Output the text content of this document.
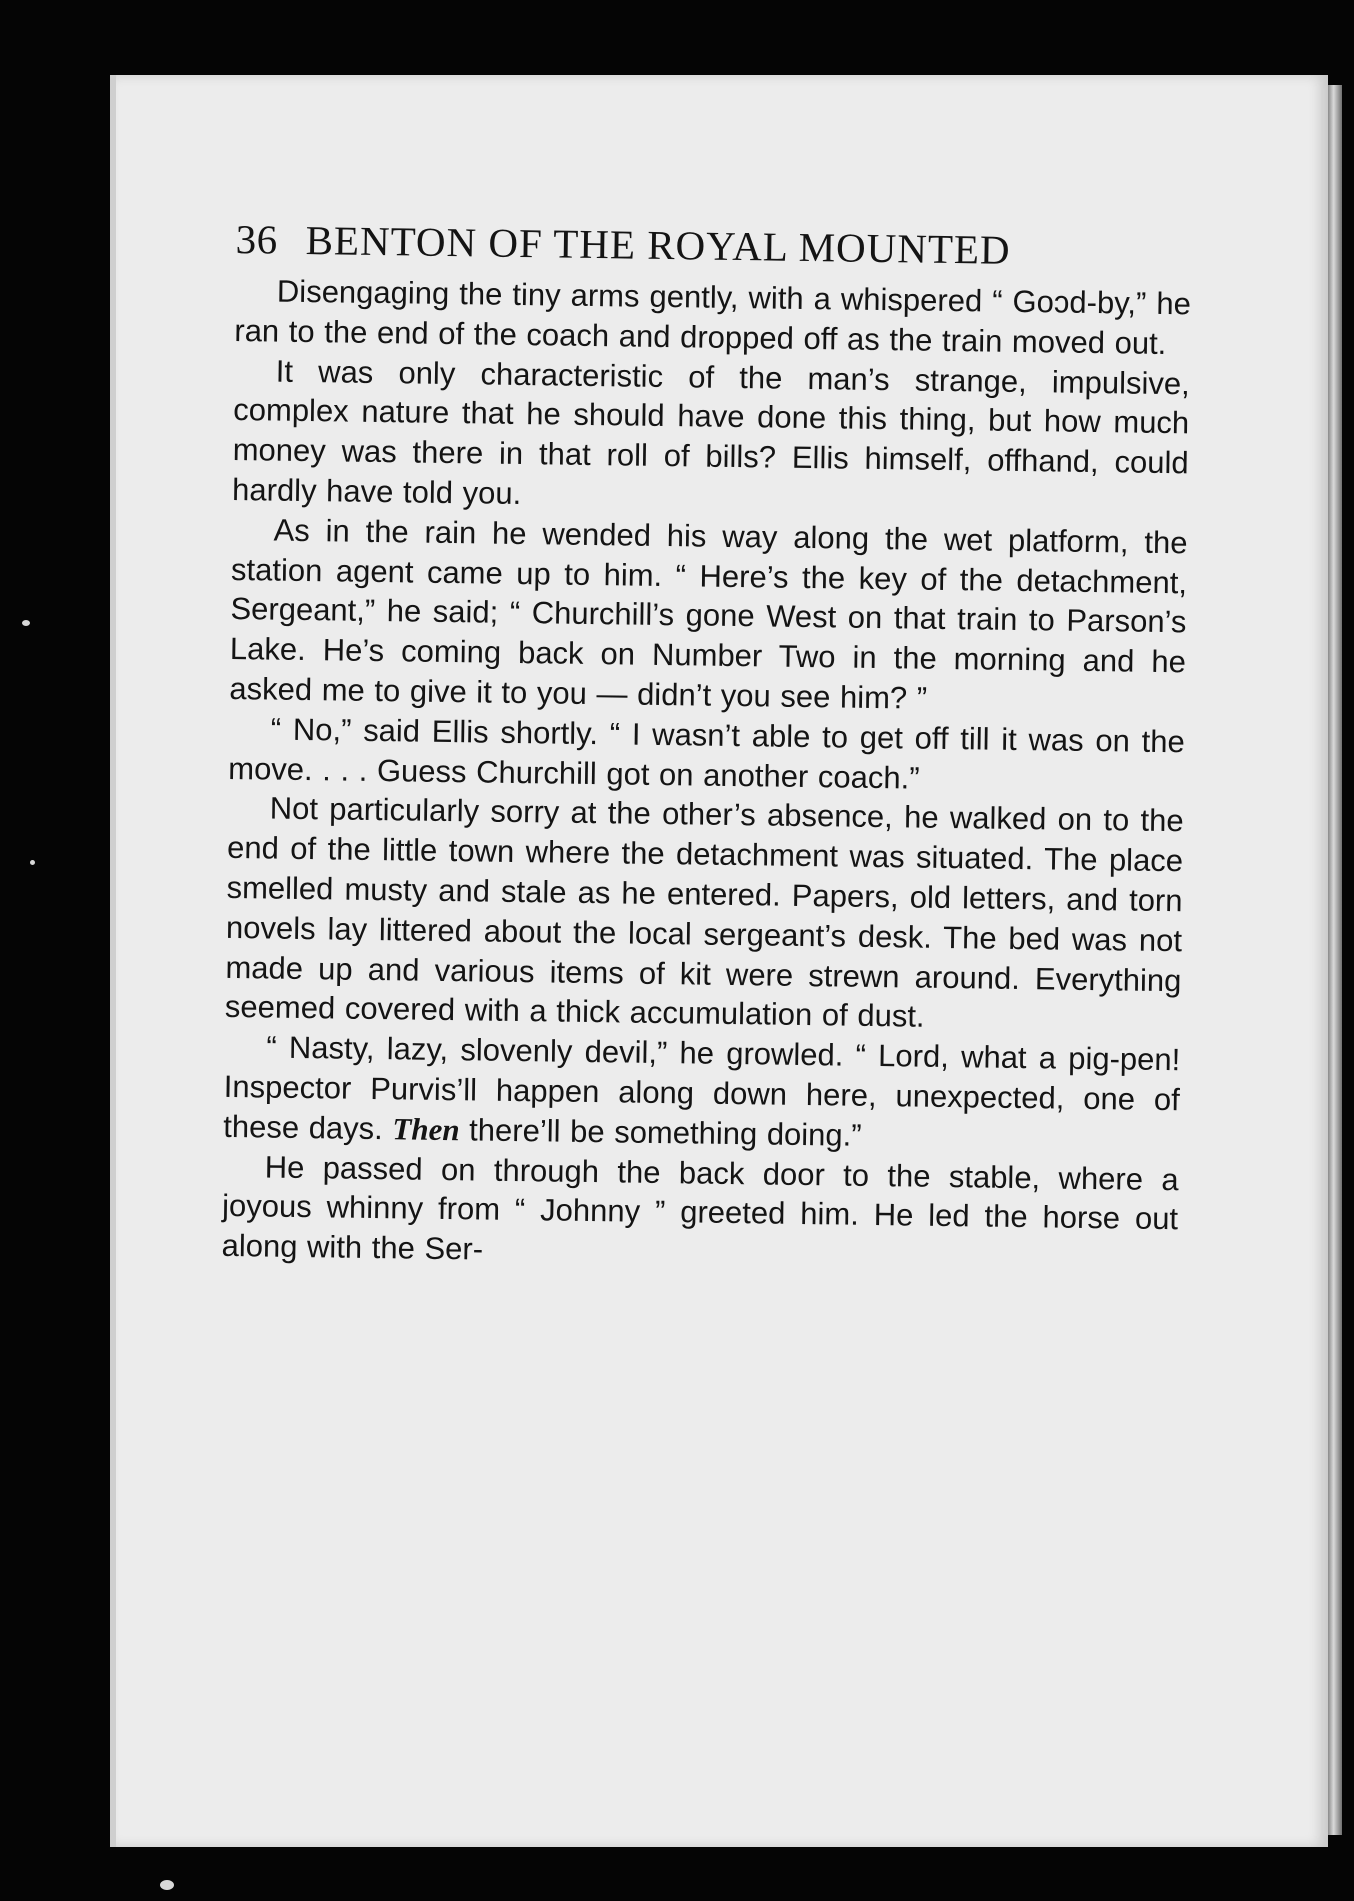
36 BENTON OF THE ROYAL MOUNTED

Disengaging the tiny arms gently, with a whispered “ Goɔd-by,” he ran to the end of the coach and dropped off as the train moved out.

It was only characteristic of the man’s strange, impulsive, complex nature that he should have done this thing, but how much money was there in that roll of bills? Ellis himself, offhand, could hardly have told you.

As in the rain he wended his way along the wet platform, the station agent came up to him. “ Here’s the key of the detachment, Sergeant,” he said; “ Churchill’s gone West on that train to Parson’s Lake. He’s coming back on Number Two in the morning and he asked me to give it to you — didn’t you see him? ”

“ No,” said Ellis shortly. “ I wasn’t able to get off till it was on the move. . . . Guess Churchill got on another coach.”

Not particularly sorry at the other’s absence, he walked on to the end of the little town where the detachment was situated. The place smelled musty and stale as he entered. Papers, old letters, and torn novels lay littered about the local sergeant’s desk. The bed was not made up and various items of kit were strewn around. Everything seemed covered with a thick accumulation of dust.

“ Nasty, lazy, slovenly devil,” he growled. “ Lord, what a pig-pen! Inspector Purvis’ll happen along down here, unexpected, one of these days. Then there’ll be something doing.”

He passed on through the back door to the stable, where a joyous whinny from “ Johnny ” greeted him. He led the horse out along with the Ser-
